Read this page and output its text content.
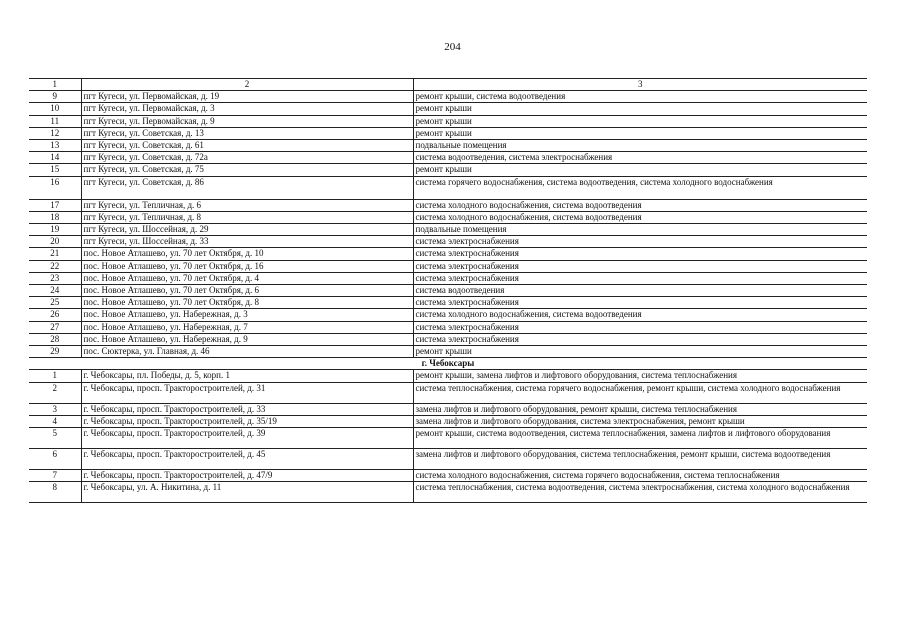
204
1	2	3
9	пгт Кугеси, ул. Первомайская, д. 19	ремонт крыши, система водоотведения
10	пгт Кугеси, ул. Первомайская, д. 3	ремонт крыши
11	пгт Кугеси, ул. Первомайская, д. 9	ремонт крыши
12	пгт Кугеси, ул. Советская, д. 13	ремонт крыши
13	пгт Кугеси, ул. Советская, д. 61	подвальные помещения
14	пгт Кугеси, ул. Советская, д. 72а	система водоотведения, система электроснабжения
15	пгт Кугеси, ул. Советская, д. 75	ремонт крыши
16	пгт Кугеси, ул. Советская, д. 86	система горячего водоснабжения, система водоотведения, система холодного водоснабжения
17	пгт Кугеси, ул. Тепличная, д. 6	система холодного водоснабжения, система водоотведения
18	пгт Кугеси, ул. Тепличная, д. 8	система холодного водоснабжения, система водоотведения
19	пгт Кугеси, ул. Шоссейная, д. 29	подвальные помещения
20	пгт Кугеси, ул. Шоссейная, д. 33	система электроснабжения
21	пос. Новое Атлашево, ул. 70 лет Октября, д. 10	система электроснабжения
22	пос. Новое Атлашево, ул. 70 лет Октября, д. 16	система электроснабжения
23	пос. Новое Атлашево, ул. 70 лет Октября, д. 4	система электроснабжения
24	пос. Новое Атлашево, ул. 70 лет Октября, д. 6	система водоотведения
25	пос. Новое Атлашево, ул. 70 лет Октября, д. 8	система электроснабжения
26	пос. Новое Атлашево, ул. Набережная, д. 3	система холодного водоснабжения, система водоотведения
27	пос. Новое Атлашево, ул. Набережная, д. 7	система электроснабжения
28	пос. Новое Атлашево, ул. Набережная, д. 9	система электроснабжения
29	пос. Сюктерка, ул. Главная, д. 46	ремонт крыши
г. Чебоксары		
1	г. Чебоксары, пл. Победы, д. 5, корп. 1	ремонт крыши, замена лифтов и лифтового оборудования, система теплоснабжения
2	г. Чебоксары, просп. Тракторостроителей, д. 31	система теплоснабжения, система горячего водоснабжения, ремонт крыши, система холодного водоснабжения
3	г. Чебоксары, просп. Тракторостроителей, д. 33	замена лифтов и лифтового оборудования, ремонт крыши, система теплоснабжения
4	г. Чебоксары, просп. Тракторостроителей, д. 35/19	замена лифтов и лифтового оборудования, система электроснабжения, ремонт крыши
5	г. Чебоксары, просп. Тракторостроителей, д. 39	ремонт крыши, система водоотведения, система теплоснабжения, замена лифтов и лифтового оборудования
6	г. Чебоксары, просп. Тракторостроителей, д. 45	замена лифтов и лифтового оборудования, система теплоснабжения, ремонт крыши, система водоотведения
7	г. Чебоксары, просп. Тракторостроителей, д. 47/9	система холодного водоснабжения, система горячего водоснабжения, система теплоснабжения
8	г. Чебоксары, ул. А. Никитина, д. 11	система теплоснабжения, система водоотведения, система электроснабжения, система холодного водоснабжения
